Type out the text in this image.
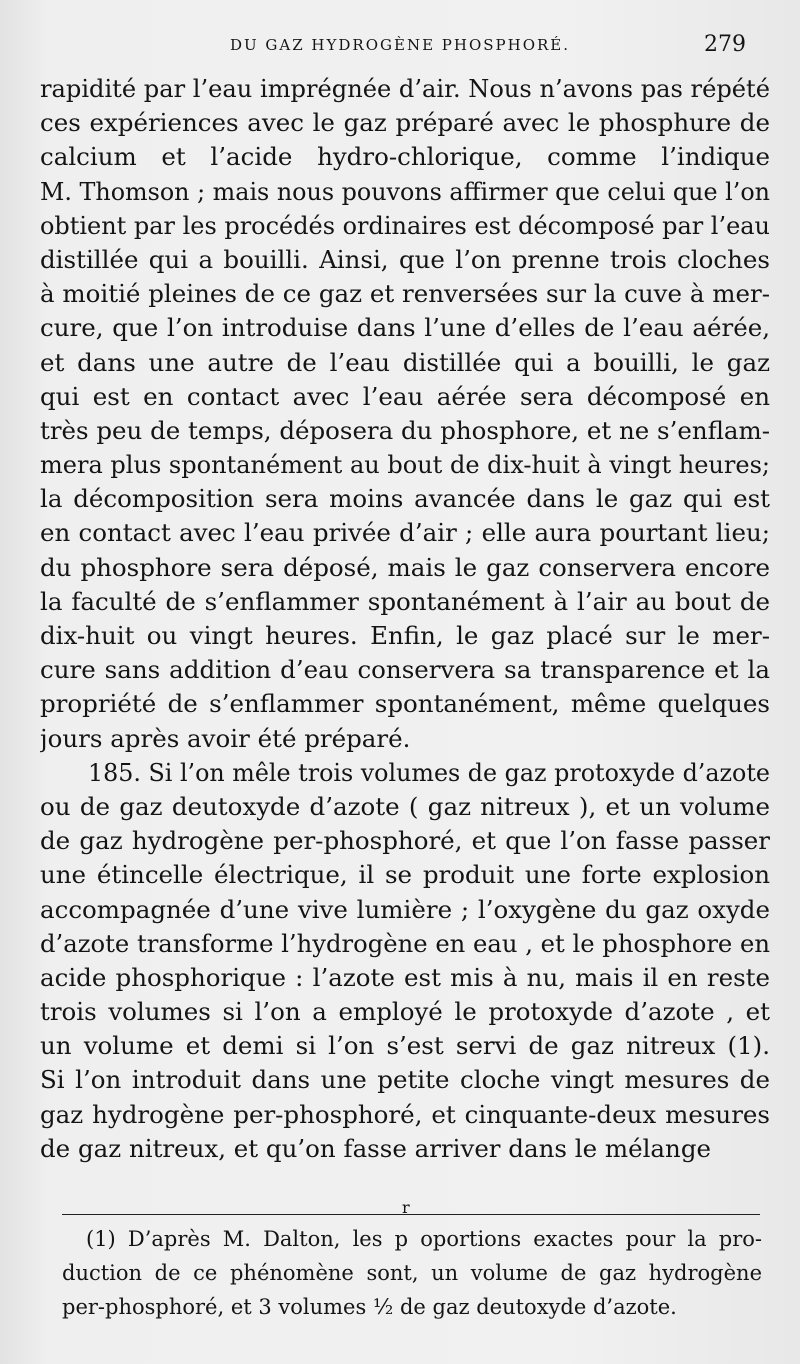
DU GAZ HYDROGÈNE PHOSPHORÉ.	279
rapidité par l’eau imprégnée d’air. Nous n’avons pas répété
ces expériences avec le gaz préparé avec le phosphure de
calcium et l’acide hydro-chlorique, comme l’indique
M. Thomson ; mais nous pouvons affirmer que celui que l’on
obtient par les procédés ordinaires est décomposé par l’eau
distillée qui a bouilli. Ainsi, que l’on prenne trois cloches
à moitié pleines de ce gaz et renversées sur la cuve à mer-
cure, que l’on introduise dans l’une d’elles de l’eau aérée,
et dans une autre de l’eau distillée qui a bouilli, le gaz
qui est en contact avec l’eau aérée sera décomposé en
très peu de temps, déposera du phosphore, et ne s’enflam-
mera plus spontanément au bout de dix-huit à vingt heures;
la décomposition sera moins avancée dans le gaz qui est
en contact avec l’eau privée d’air ; elle aura pourtant lieu;
du phosphore sera déposé, mais le gaz conservera encore
la faculté de s’enflammer spontanément à l’air au bout de
dix-huit ou vingt heures. Enfin, le gaz placé sur le mer-
cure sans addition d’eau conservera sa transparence et la
propriété de s’enflammer spontanément, même quelques
jours après avoir été préparé.
185. Si l’on mêle trois volumes de gaz protoxyde d’azote
ou de gaz deutoxyde d’azote ( gaz nitreux ), et un volume
de gaz hydrogène per-phosphoré, et que l’on fasse passer
une étincelle électrique, il se produit une forte explosion
accompagnée d’une vive lumière ; l’oxygène du gaz oxyde
d’azote transforme l’hydrogène en eau , et le phosphore en
acide phosphorique : l’azote est mis à nu, mais il en reste
trois volumes si l’on a employé le protoxyde d’azote , et
un volume et demi si l’on s’est servi de gaz nitreux (1).
Si l’on introduit dans une petite cloche vingt mesures de
gaz hydrogène per-phosphoré, et cinquante-deux mesures
de gaz nitreux, et qu’on fasse arriver dans le mélange
r
(1) D’après M. Dalton, les p oportions exactes pour la pro-
duction de ce phénomène sont, un volume de gaz hydrogène
per-phosphoré, et 3 volumes ½ de gaz deutoxyde d’azote.
